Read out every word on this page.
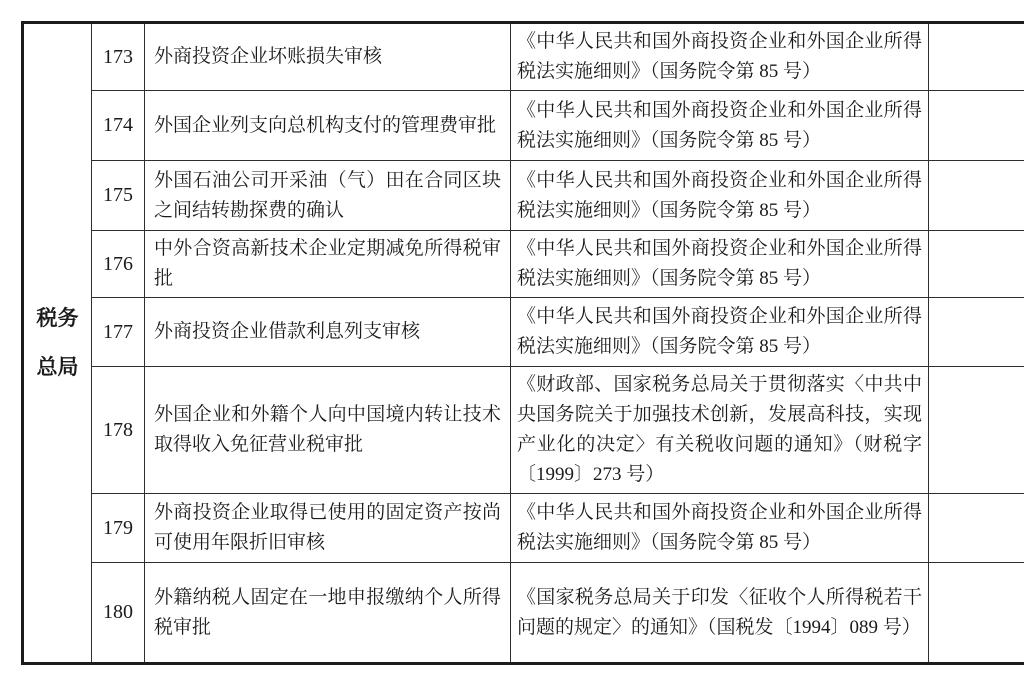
税务总局	173	外商投资企业坏账损失审核	《中华人民共和国外商投资企业和外国企业所得税法实施细则》（国务院令第 85 号）	
	174	外国企业列支向总机构支付的管理费审批	《中华人民共和国外商投资企业和外国企业所得税法实施细则》（国务院令第 85 号）	
	175	外国石油公司开采油（气）田在合同区块之间结转勘探费的确认	《中华人民共和国外商投资企业和外国企业所得税法实施细则》（国务院令第 85 号）	
	176	中外合资高新技术企业定期减免所得税审批	《中华人民共和国外商投资企业和外国企业所得税法实施细则》（国务院令第 85 号）	
	177	外商投资企业借款利息列支审核	《中华人民共和国外商投资企业和外国企业所得税法实施细则》（国务院令第 85 号）	
	178	外国企业和外籍个人向中国境内转让技术取得收入免征营业税审批	《财政部、国家税务总局关于贯彻落实〈中共中央国务院关于加强技术创新，发展高科技，实现产业化的决定〉有关税收问题的通知》（财税字〔1999〕273 号）	
	179	外商投资企业取得已使用的固定资产按尚可使用年限折旧审核	《中华人民共和国外商投资企业和外国企业所得税法实施细则》（国务院令第 85 号）	
	180	外籍纳税人固定在一地申报缴纳个人所得税审批	《国家税务总局关于印发〈征收个人所得税若干问题的规定〉的通知》（国税发〔1994〕089 号）	
